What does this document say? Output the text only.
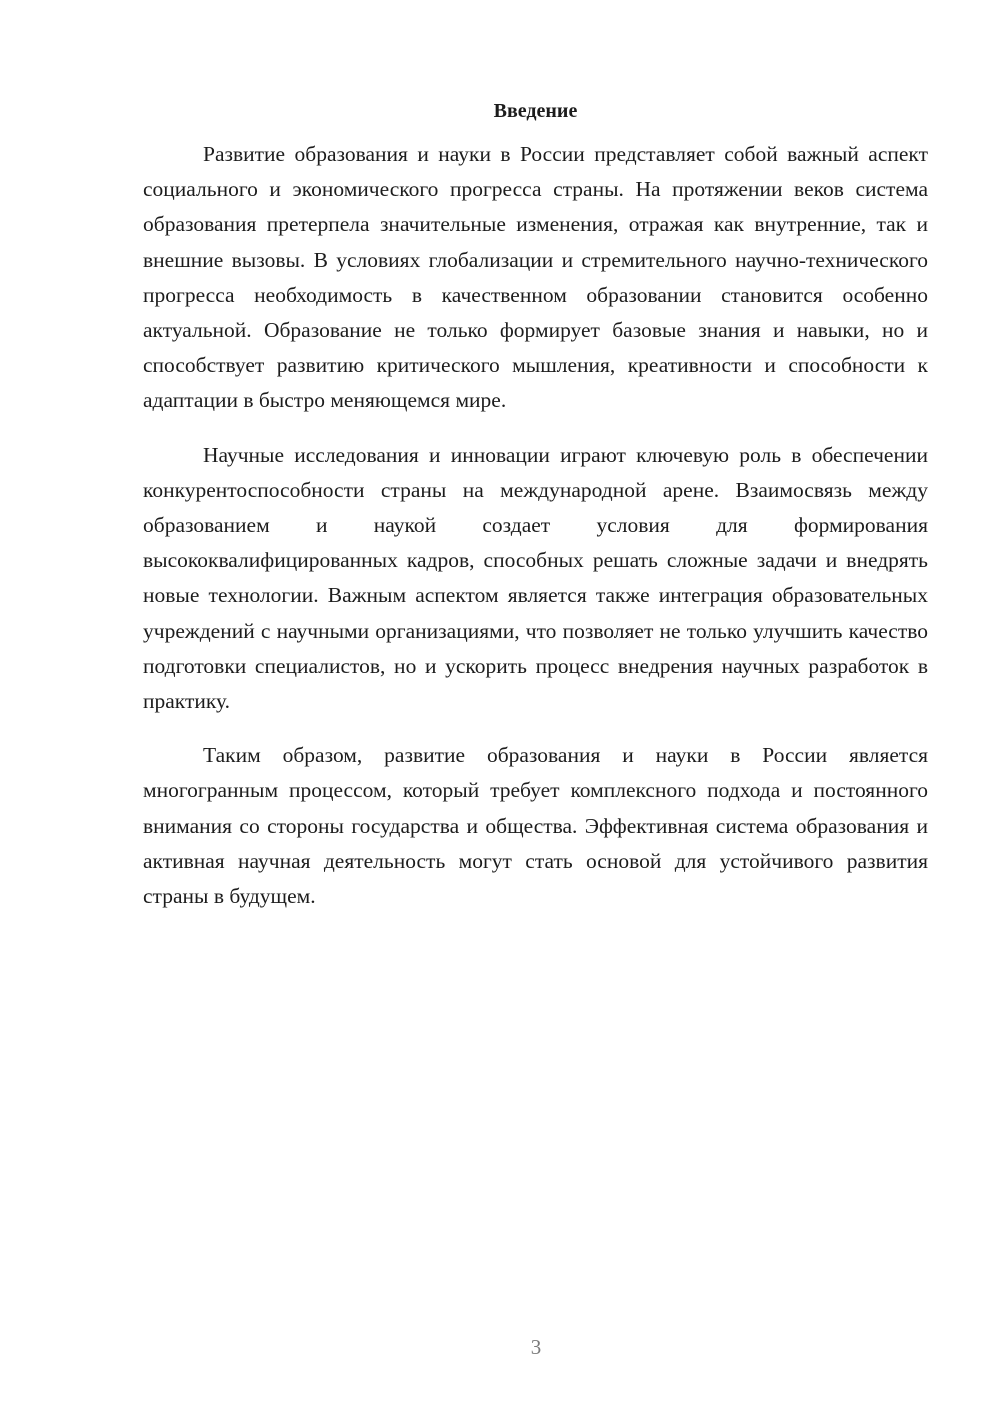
Введение

Развитие образования и науки в России представляет собой важный аспект социального и экономического прогресса страны. На протяжении веков система образования претерпела значительные изменения, отражая как внутренние, так и внешние вызовы. В условиях глобализации и стремительного научно-технического прогресса необходимость в качественном образовании становится особенно актуальной. Образование не только формирует базовые знания и навыки, но и способствует развитию критического мышления, креативности и способности к адаптации в быстро меняющемся мире.

Научные исследования и инновации играют ключевую роль в обеспечении конкурентоспособности страны на международной арене. Взаимосвязь между образованием и наукой создает условия для формирования высококвалифицированных кадров, способных решать сложные задачи и внедрять новые технологии. Важным аспектом является также интеграция образовательных учреждений с научными организациями, что позволяет не только улучшить качество подготовки специалистов, но и ускорить процесс внедрения научных разработок в практику.

Таким образом, развитие образования и науки в России является многогранным процессом, который требует комплексного подхода и постоянного внимания со стороны государства и общества. Эффективная система образования и активная научная деятельность могут стать основой для устойчивого развития страны в будущем.

3
